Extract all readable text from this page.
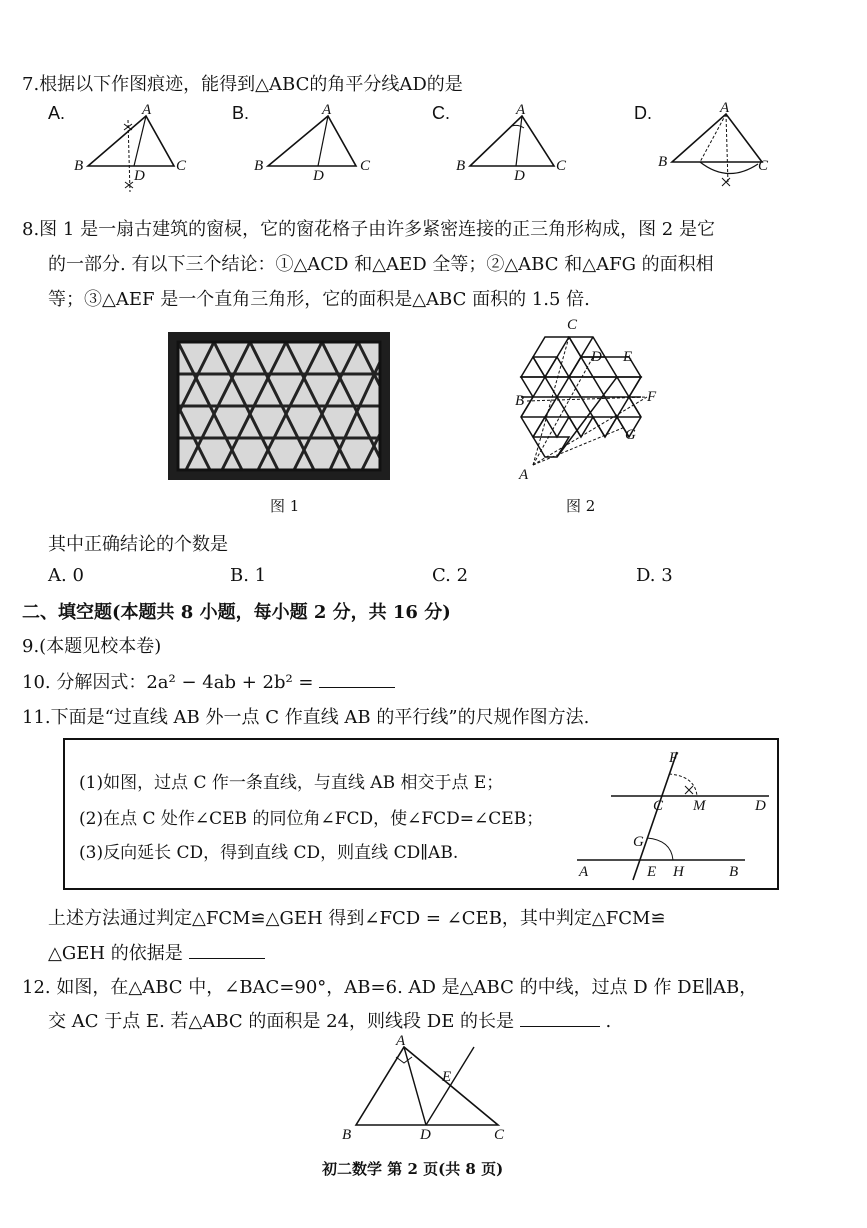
7.根据以下作图痕迹，能得到△ABC的角平分线AD的是
A.	A
B	C
D
B.	A
B	C
D
C.	A
B	C
D
D.	A
B	C
8.图 1 是一扇古建筑的窗棂，它的窗花格子由许多紧密连接的正三角形构成，图 2 是它
的一部分. 有以下三个结论：①△ACD 和△AED 全等；②△ABC 和△AFG 的面积相
等；③△AEF 是一个直角三角形，它的面积是△ABC 面积的 1.5 倍.
图 1
C
D E
F
B
G
A
图 2
其中正确结论的个数是
A. 0	B. 1	C. 2	D. 3
二、填空题(本题共 8 小题，每小题 2 分，共 16 分)
9.(本题见校本卷)
10. 分解因式：2a² − 4ab + 2b² =
11.下面是“过直线 AB 外一点 C 作直线 AB 的平行线”的尺规作图方法.
(1)如图，过点 C 作一条直线，与直线 AB 相交于点 E；
(2)在点 C 处作∠CEB 的同位角∠FCD，使∠FCD=∠CEB；
(3)反向延长 CD，得到直线 CD，则直线 CD∥AB.
F
C M	D
G
A	E H	B
上述方法通过判定△FCM≌△GEH 得到∠FCD = ∠CEB，其中判定△FCM≌
△GEH 的依据是
12. 如图，在△ABC 中，∠BAC=90°，AB=6. AD 是△ABC 的中线，过点 D 作 DE∥AB，
交 AC 于点 E. 若△ABC 的面积是 24，则线段 DE 的长是	.
A
E
B	D	C
初二数学 第 2 页(共 8 页)
